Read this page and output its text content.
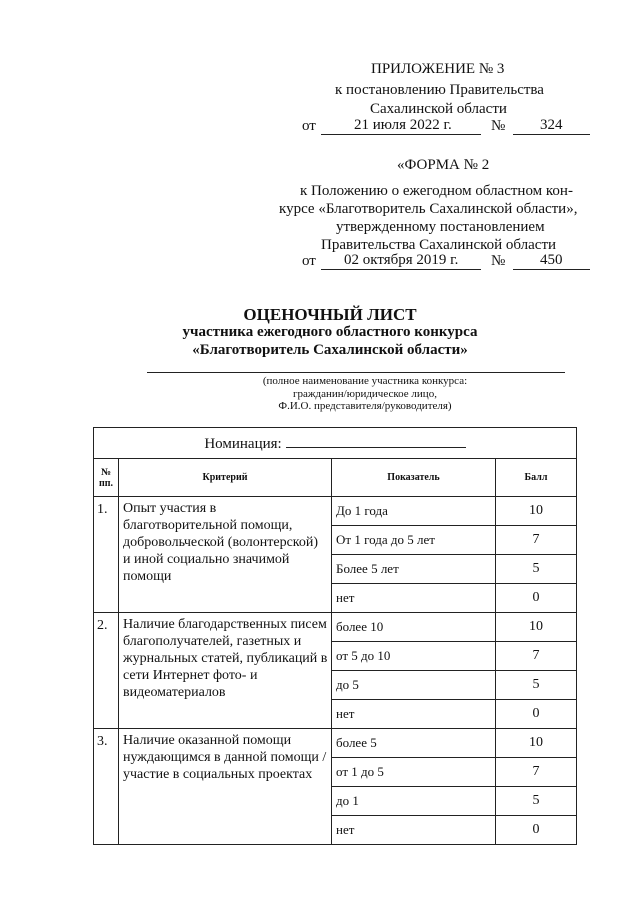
ПРИЛОЖЕНИЕ № 3
к постановлению Правительства
Сахалинской области
от	21 июля 2022 г.	№ 324
«ФОРМА № 2
к Положению о ежегодном областном кон-
курсе «Благотворитель Сахалинской области»,
утвержденному постановлением
Правительства Сахалинской области
от 02 октября 2019 г. № 450
ОЦЕНОЧНЫЙ ЛИСТ
участника ежегодного областного конкурса
«Благотворитель Сахалинской области»
(полное наименование участника конкурса:
гражданин/юридическое лицо,
Ф.И.О. представителя/руководителя)
Номинация:			

№ пп.	Критерий	Показатель	Балл
1.	Опыт участия в благотворительной помощи, добровольческой (волонтерской) и иной социально значимой помощи	До 1 года	10
		От 1 года до 5 лет	7
		Более 5 лет	5
		нет	0
2.	Наличие благодарственных писем благополучателей, газетных и журнальных статей, публикаций в сети Интернет фото- и видеоматериалов	более 10	10
		от 5 до 10	7
		до 5	5
		нет	0
3.	Наличие оказанной помощи нуждающимся в данной помощи / участие в социальных проектах	более 5	10
		от 1 до 5	7
		до 1	5
		нет	0
